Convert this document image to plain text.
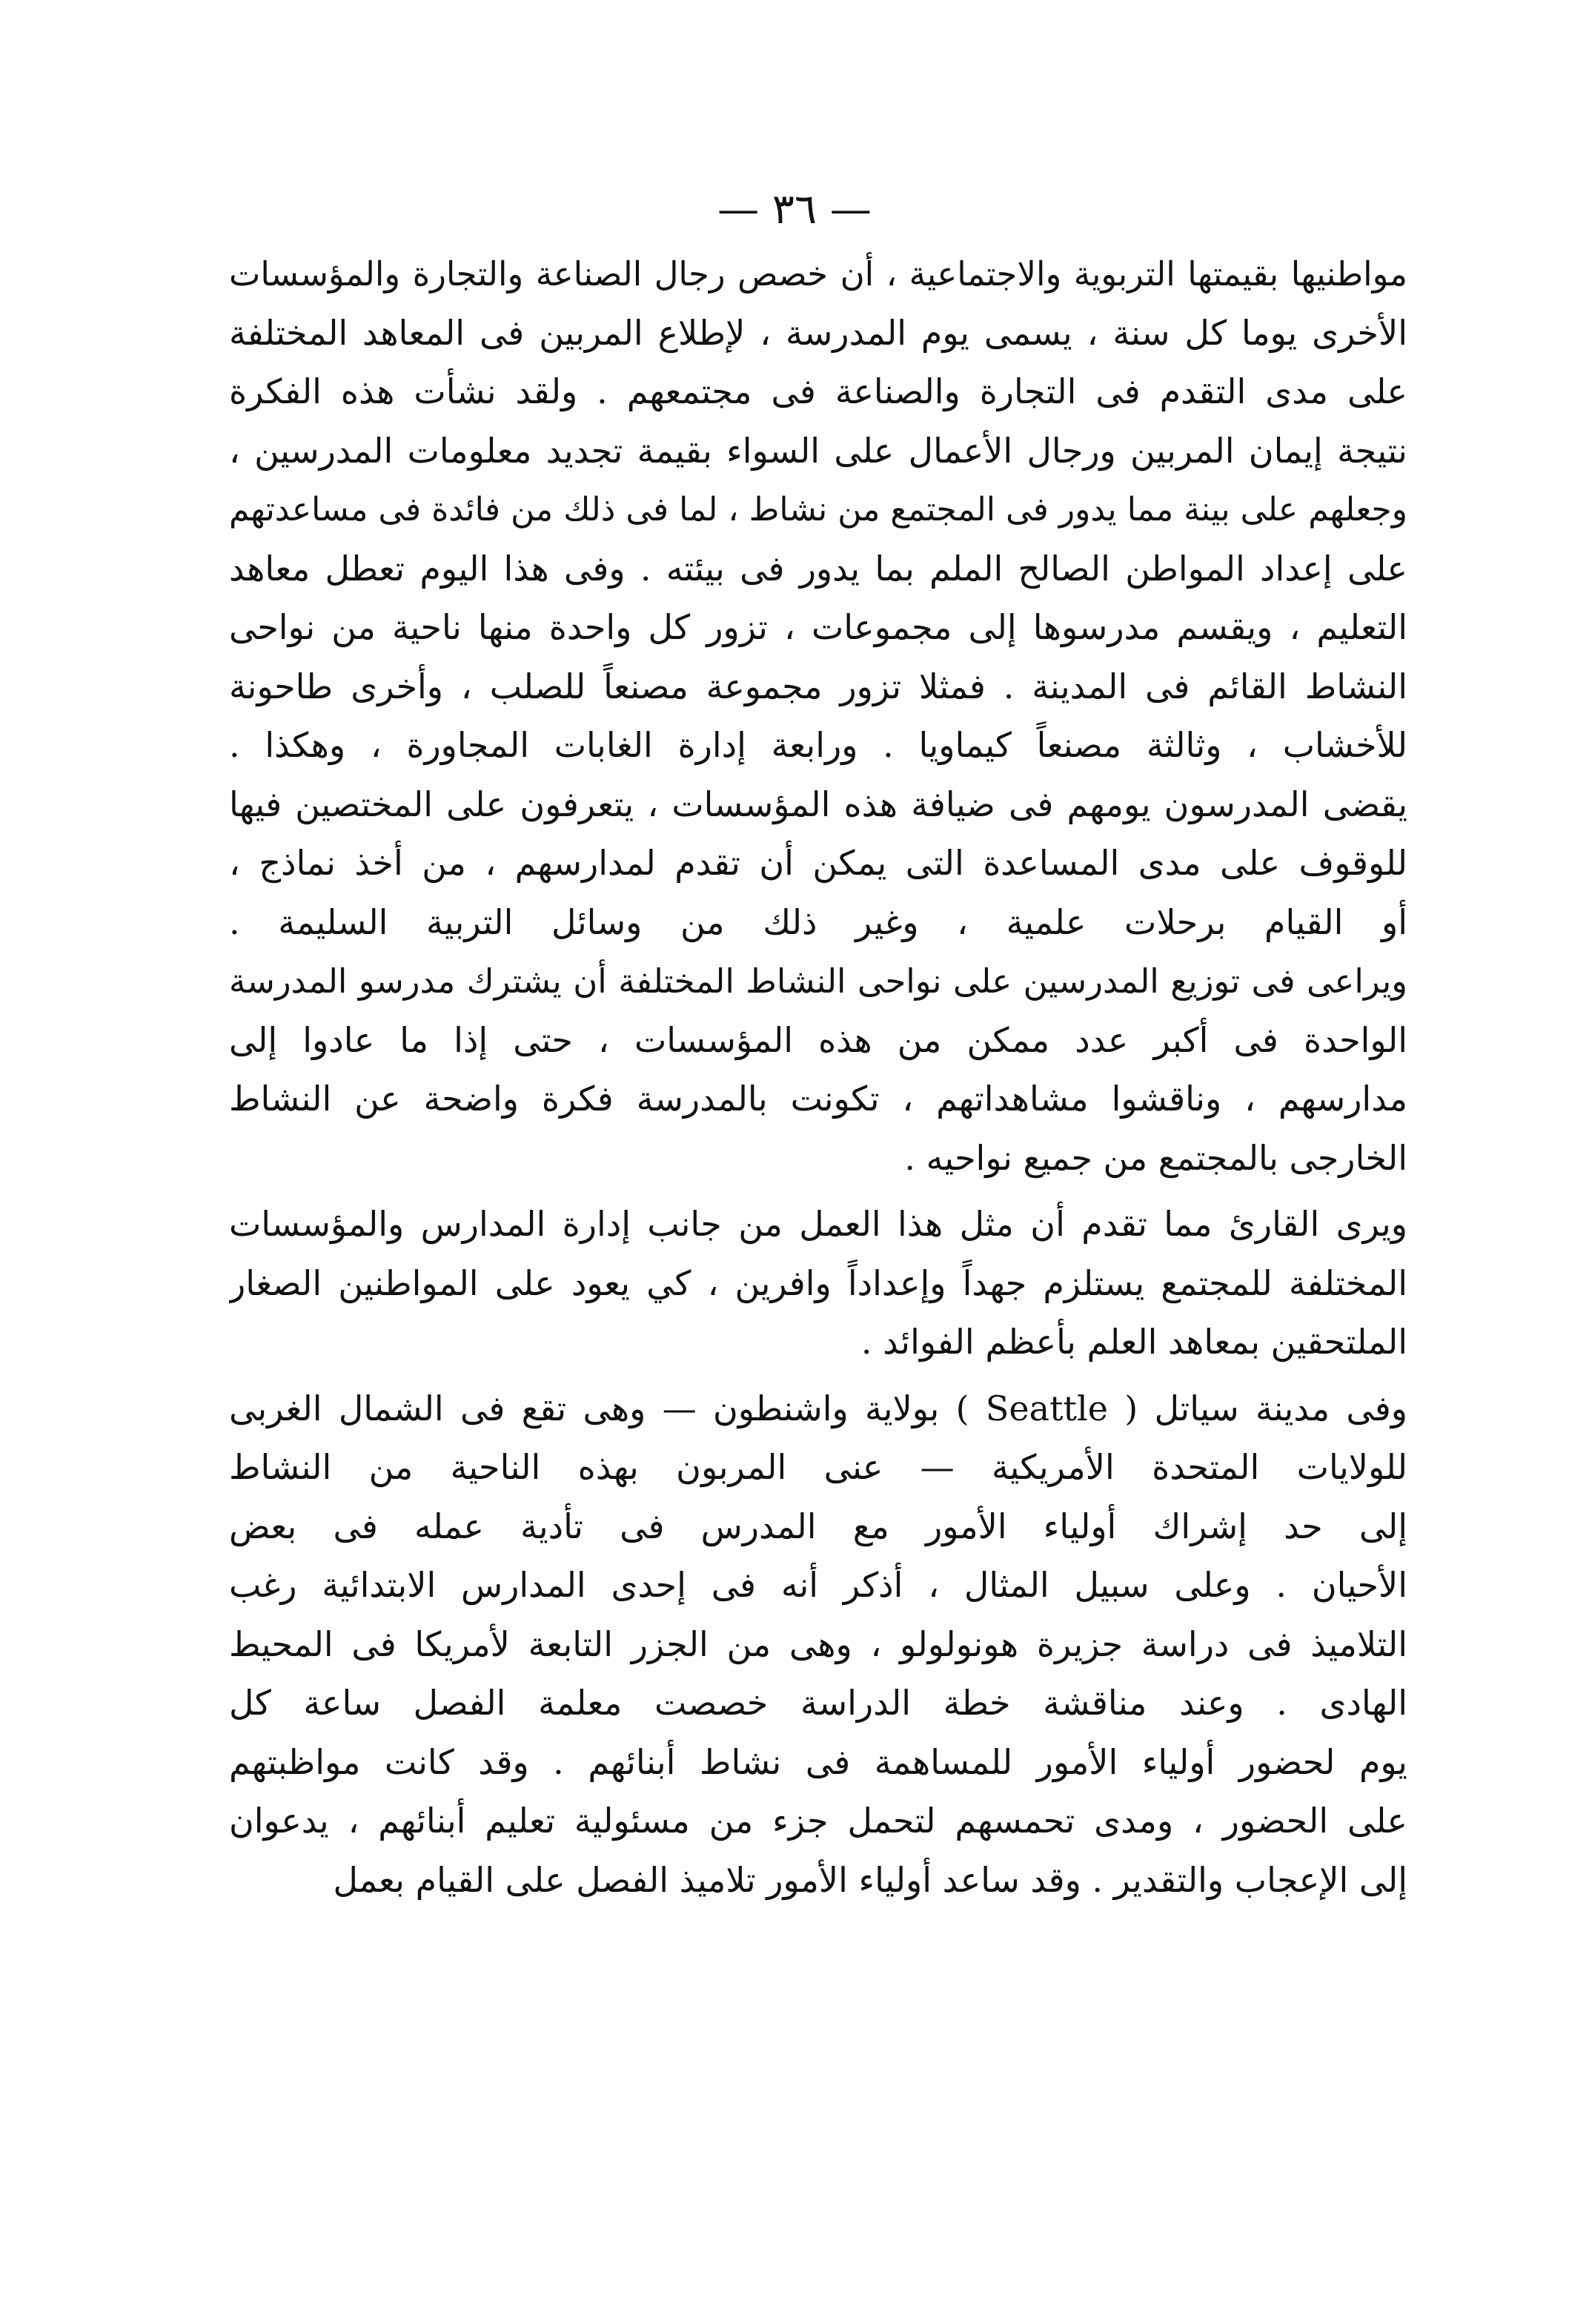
— ٣٦ —
مواطنيها بقيمتها التربوية والاجتماعية ، أن خصص رجال الصناعة والتجارة والمؤسسات
الأخرى يوما كل سنة ، يسمى يوم المدرسة ، لإطلاع المربين فى المعاهد المختلفة
على مدى التقدم فى التجارة والصناعة فى مجتمعهم . ولقد نشأت هذه الفكرة
نتيجة إيمان المربين ورجال الأعمال على السواء بقيمة تجديد معلومات المدرسين ،
وجعلهم على بينة مما يدور فى المجتمع من نشاط ، لما فى ذلك من فائدة فى مساعدتهم
على إعداد المواطن الصالح الملم بما يدور فى بيئته . وفى هذا اليوم تعطل معاهد
التعليم ، ويقسم مدرسوها إلى مجموعات ، تزور كل واحدة منها ناحية من نواحى
النشاط القائم فى المدينة . فمثلا تزور مجموعة مصنعاً للصلب ، وأخرى طاحونة
للأخشاب ، وثالثة مصنعاً كيماويا . ورابعة إدارة الغابات المجاورة ، وهكذا .
يقضى المدرسون يومهم فى ضيافة هذه المؤسسات ، يتعرفون على المختصين فيها
للوقوف على مدى المساعدة التى يمكن أن تقدم لمدارسهم ، من أخذ نماذج ،
أو القيام برحلات علمية ، وغير ذلك من وسائل التربية السليمة .
ويراعى فى توزيع المدرسين على نواحى النشاط المختلفة أن يشترك مدرسو المدرسة
الواحدة فى أكبر عدد ممكن من هذه المؤسسات ، حتى إذا ما عادوا إلى
مدارسهم ، وناقشوا مشاهداتهم ، تكونت بالمدرسة فكرة واضحة عن النشاط
الخارجى بالمجتمع من جميع نواحيه .
ويرى القارئ مما تقدم أن مثل هذا العمل من جانب إدارة المدارس والمؤسسات
المختلفة للمجتمع يستلزم جهداً وإعداداً وافرين ، كي يعود على المواطنين الصغار
الملتحقين بمعاهد العلم بأعظم الفوائد .
وفى مدينة سياتل ( Seattle ) بولاية واشنطون — وهى تقع فى الشمال الغربى
للولايات المتحدة الأمريكية — عنى المربون بهذه الناحية من النشاط
إلى حد إشراك أولياء الأمور مع المدرس فى تأدية عمله فى بعض
الأحيان . وعلى سبيل المثال ، أذكر أنه فى إحدى المدارس الابتدائية رغب
التلاميذ فى دراسة جزيرة هونولولو ، وهى من الجزر التابعة لأمريكا فى المحيط
الهادى . وعند مناقشة خطة الدراسة خصصت معلمة الفصل ساعة كل
يوم لحضور أولياء الأمور للمساهمة فى نشاط أبنائهم . وقد كانت مواظبتهم
على الحضور ، ومدى تحمسهم لتحمل جزء من مسئولية تعليم أبنائهم ، يدعوان
إلى الإعجاب والتقدير . وقد ساعد أولياء الأمور تلاميذ الفصل على القيام بعمل
